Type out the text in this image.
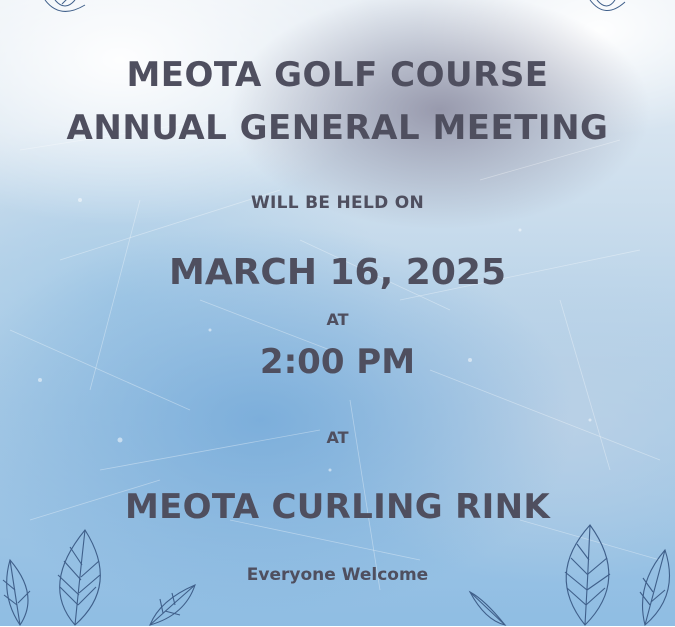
MEOTA GOLF COURSE

ANNUAL GENERAL MEETING

WILL BE HELD ON

MARCH 16, 2025

AT

2:00 PM

AT

MEOTA CURLING RINK

Everyone Welcome
